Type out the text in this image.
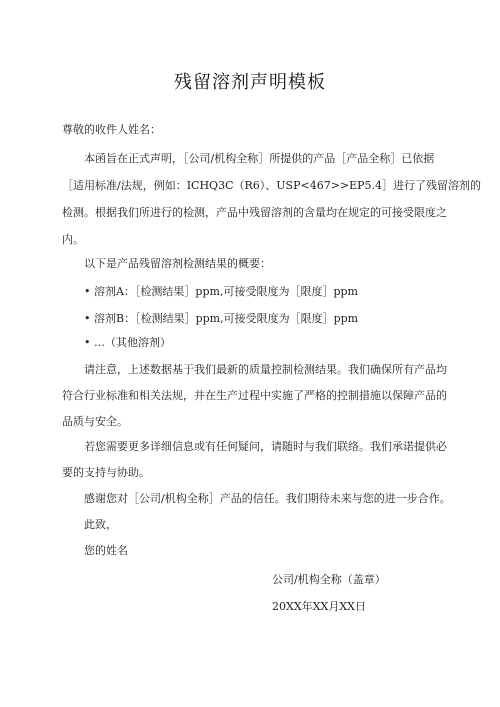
残留溶剂声明模板
尊敬的收件人姓名：
本函旨在正式声明，［公司/机构全称］所提供的产品［产品全称］已依据
［适用标准/法规，例如：ICHQ3C（R6）、USP<467>>EP5.4］进行了残留溶剂的
检测。根据我们所进行的检测，产品中残留溶剂的含量均在规定的可接受限度之
内。
以下是产品残留溶剂检测结果的概要：
• 溶剂A：［检测结果］ppm,可接受限度为［限度］ppm
• 溶剂B：［检测结果］ppm,可接受限度为［限度］ppm
• …（其他溶剂）
请注意，上述数据基于我们最新的质量控制检测结果。我们确保所有产品均
符合行业标准和相关法规，并在生产过程中实施了严格的控制措施以保障产品的
品质与安全。
若您需要更多详细信息或有任何疑问，请随时与我们联络。我们承诺提供必
要的支持与协助。
感谢您对［公司/机构全称］产品的信任。我们期待未来与您的进一步合作。
此致，
您的姓名
公司/机构全称（盖章）
20XX年XX月XX日
